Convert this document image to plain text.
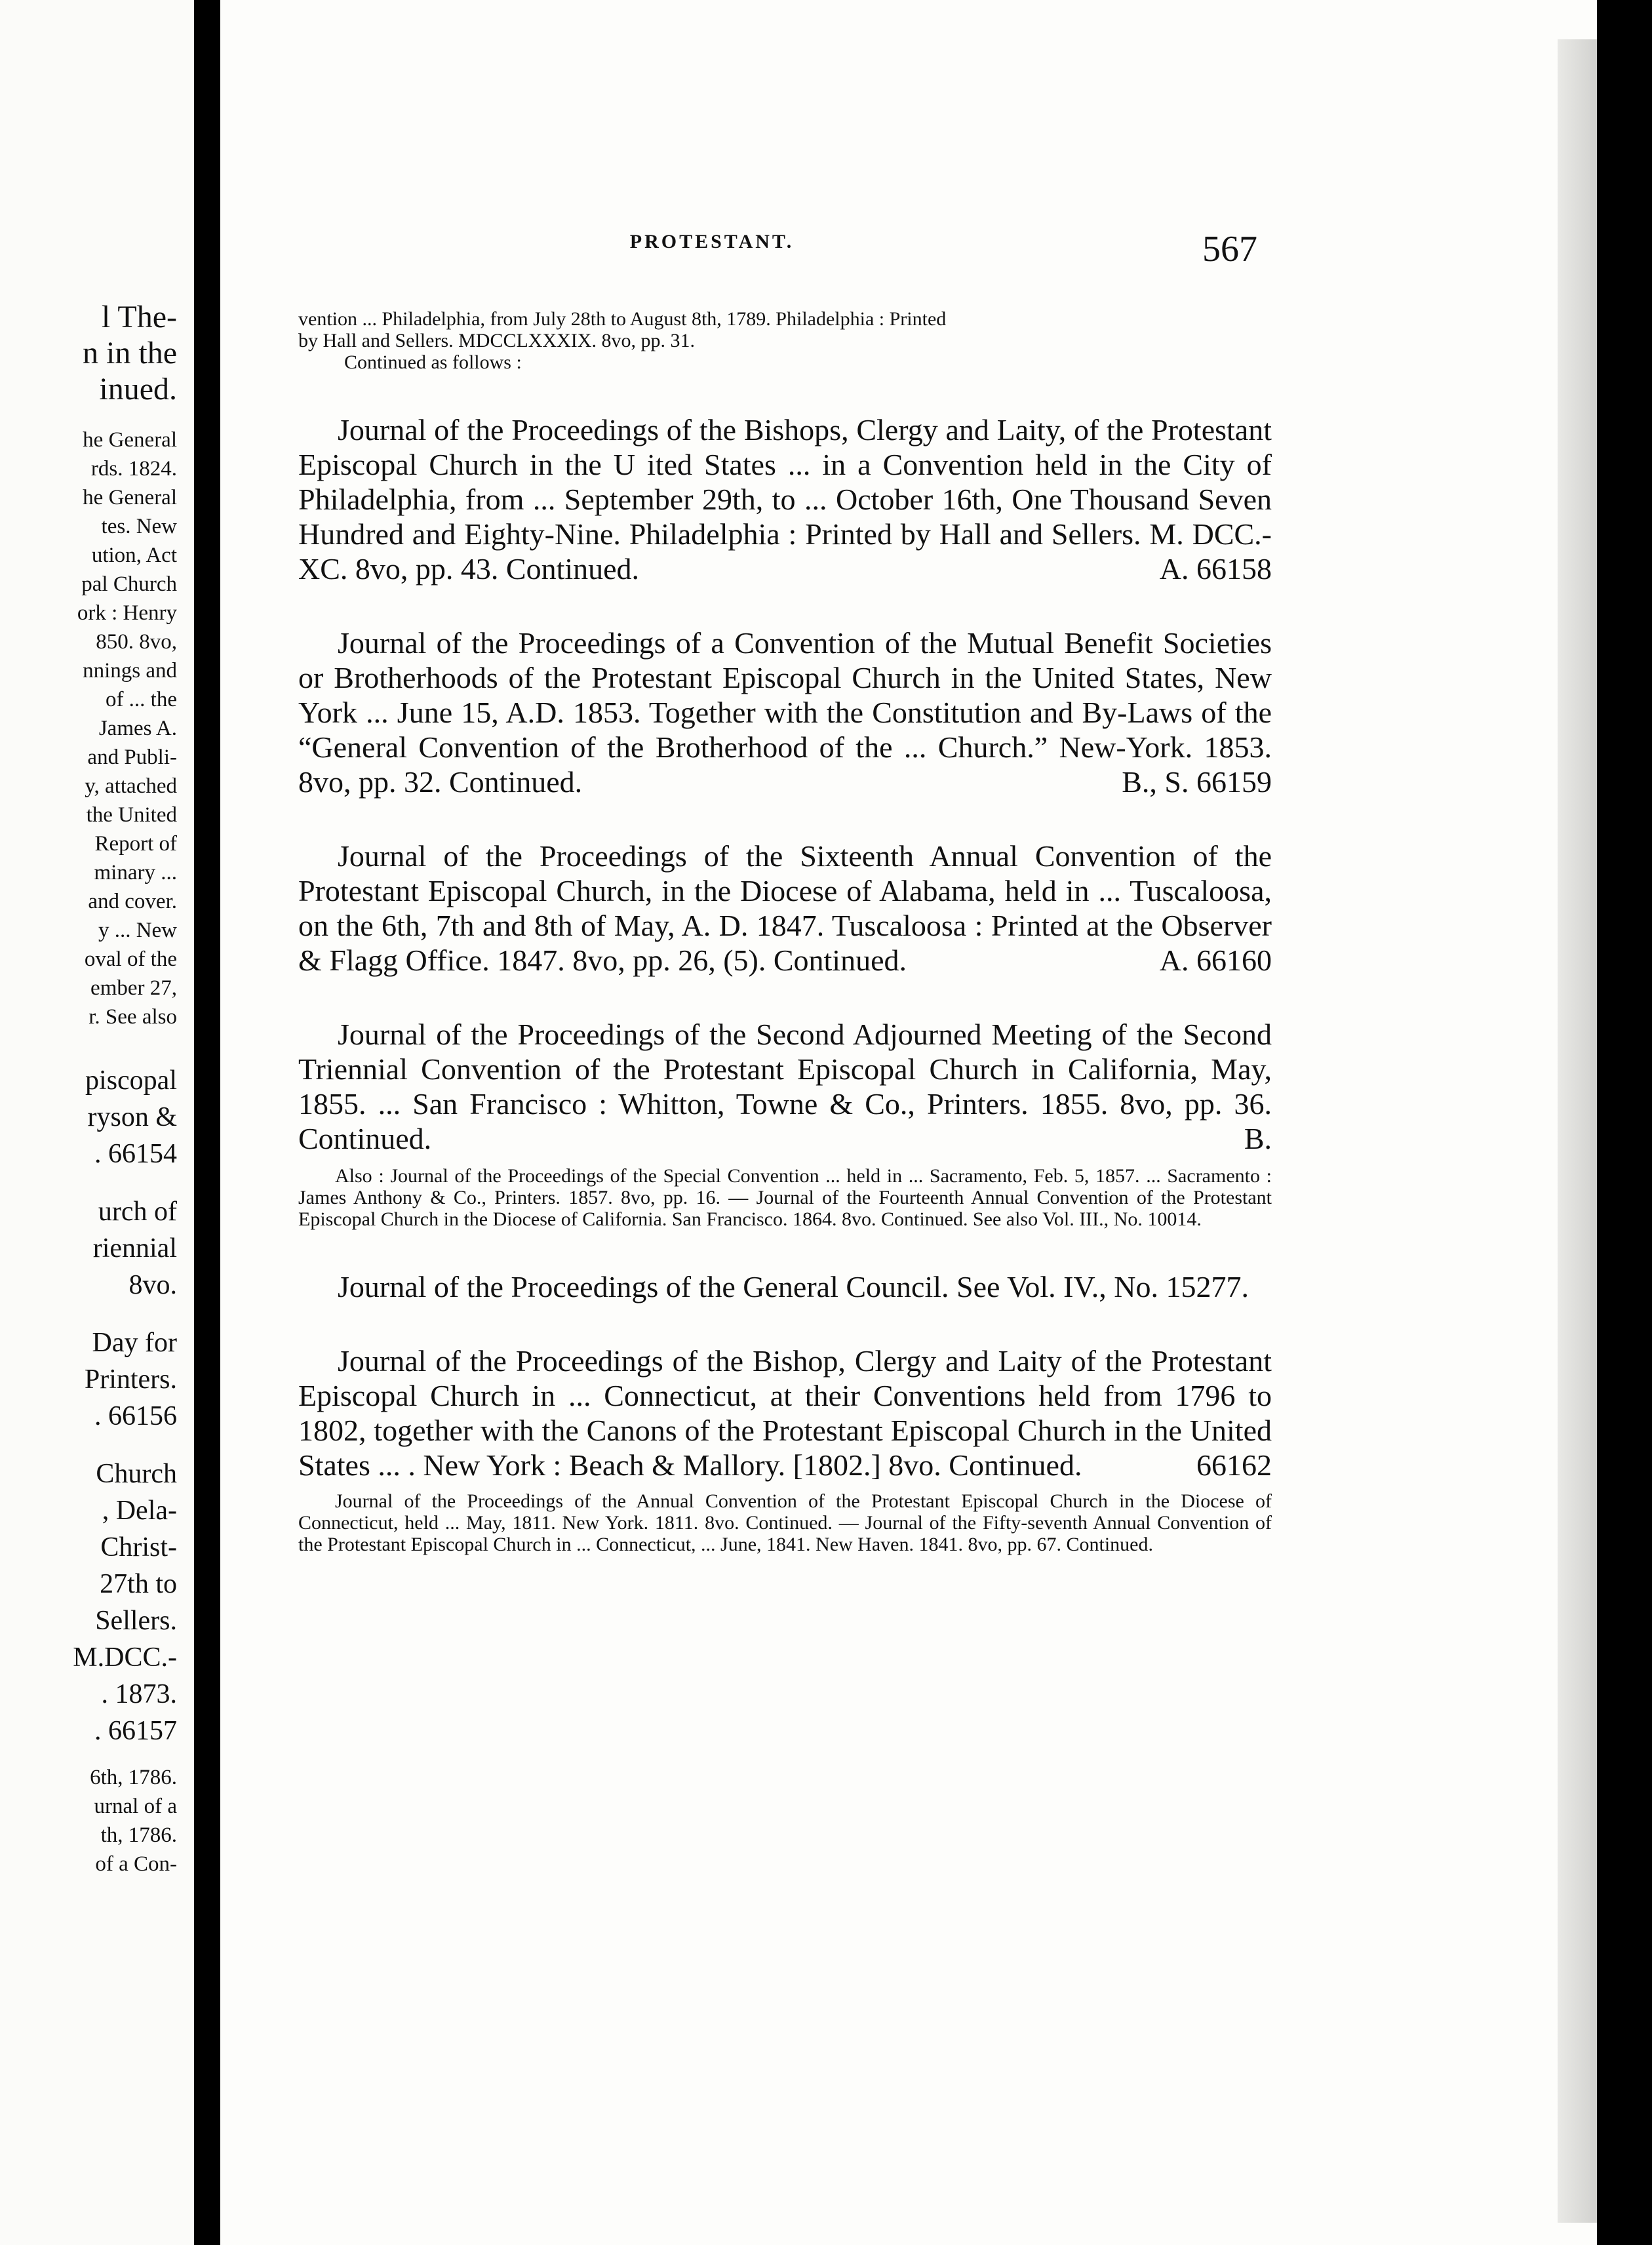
l The-
n in the
inued.
he General
rds. 1824.
he General
tes. New
ution, Act
pal Church
ork : Henry
850. 8vo,
nnings and
of ... the
James A.
and Publi-
y, attached
the United
Report of
minary ...
and cover.
y ... New
oval of the
ember 27,
r. See also
piscopal
ryson &
. 66154
urch of
riennial
8vo.
Day for
Printers.
. 66156
Church
, Dela-
Christ-
27th to
Sellers.
M.DCC.-
. 1873.
. 66157
6th, 1786.
urnal of a
th, 1786.
of a Con-
PROTESTANT.	567
vention ... Philadelphia, from July 28th to August 8th, 1789. Philadelphia : Printed
by Hall and Sellers. MDCCLXXXIX. 8vo, pp. 31.
Continued as follows :
Journal of the Proceedings of the Bishops, Clergy and Laity, of the Protestant Episcopal Church in the U ited States ... in a Convention held in the City of Philadelphia, from ... September 29th, to ... October 16th, One Thousand Seven Hundred and Eighty-Nine. Philadelphia : Printed by Hall and Sellers. M. DCC.-XC. 8vo, pp. 43. Continued.	A. 66158
Journal of the Proceedings of a Convention of the Mutual Benefit Societies or Brotherhoods of the Protestant Episcopal Church in the United States, New York ... June 15, A.D. 1853. Together with the Constitution and By-Laws of the “General Convention of the Brotherhood of the ... Church.” New-York. 1853. 8vo, pp. 32. Continued.	B., S. 66159
Journal of the Proceedings of the Sixteenth Annual Convention of the Protestant Episcopal Church, in the Diocese of Alabama, held in ... Tuscaloosa, on the 6th, 7th and 8th of May, A. D. 1847. Tuscaloosa : Printed at the Observer & Flagg Office. 1847. 8vo, pp. 26, (5). Continued.	A. 66160
Journal of the Proceedings of the Second Adjourned Meeting of the Second Triennial Convention of the Protestant Episcopal Church in California, May, 1855. ... San Francisco : Whitton, Towne & Co., Printers. 1855. 8vo, pp. 36. Continued.	B.
Also : Journal of the Proceedings of the Special Convention ... held in ... Sacramento, Feb. 5, 1857. ... Sacramento : James Anthony & Co., Printers. 1857. 8vo, pp. 16. — Journal of the Fourteenth Annual Convention of the Protestant Episcopal Church in the Diocese of California. San Francisco. 1864. 8vo. Continued. See also Vol. III., No. 10014.
Journal of the Proceedings of the General Council. See Vol. IV., No. 15277.
Journal of the Proceedings of the Bishop, Clergy and Laity of the Protestant Episcopal Church in ... Connecticut, at their Conventions held from 1796 to 1802, together with the Canons of the Protestant Episcopal Church in the United States ... . New York : Beach & Mallory. [1802.] 8vo. Continued.	66162
Journal of the Proceedings of the Annual Convention of the Protestant Episcopal Church in the Diocese of Connecticut, held ... May, 1811. New York. 1811. 8vo. Continued. — Journal of the Fifty-seventh Annual Convention of the Protestant Episcopal Church in ... Connecticut, ... June, 1841. New Haven. 1841. 8vo, pp. 67. Continued.
